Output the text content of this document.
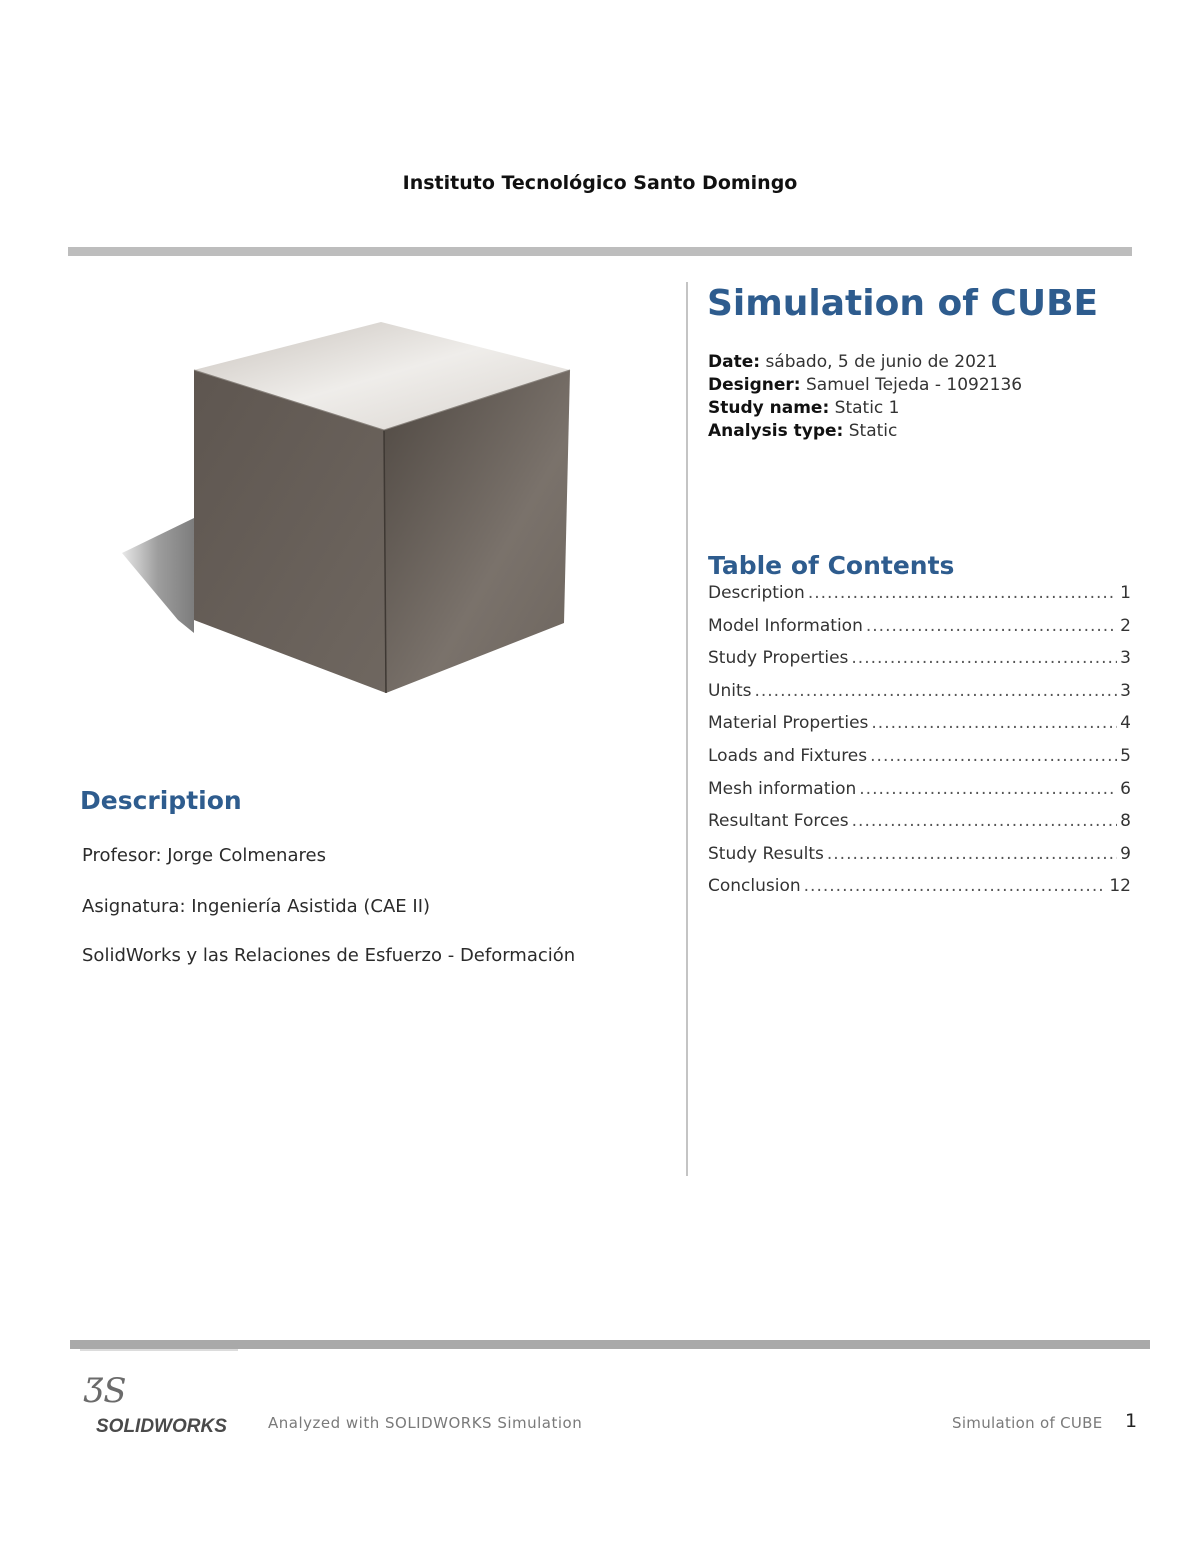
Instituto Tecnológico Santo Domingo
Description
Profesor: Jorge Colmenares
Asignatura: Ingeniería Asistida (CAE II)
SolidWorks y las Relaciones de Esfuerzo - Deformación
Simulation of CUBE
Date: sábado, 5 de junio de 2021
Designer: Samuel Tejeda - 1092136
Study name: Static 1
Analysis type: Static
Table of Contents
Description .....	1
Model Information .....	2
Study Properties .....	3
Units .....	3
Material Properties .....	4
Loads and Fixtures .....	5
Mesh information .....	6
Resultant Forces .....	8
Study Results .....	9
Conclusion .....	12
ƷS
SOLIDWORKS	Analyzed with SOLIDWORKS Simulation	Simulation of CUBE 1
